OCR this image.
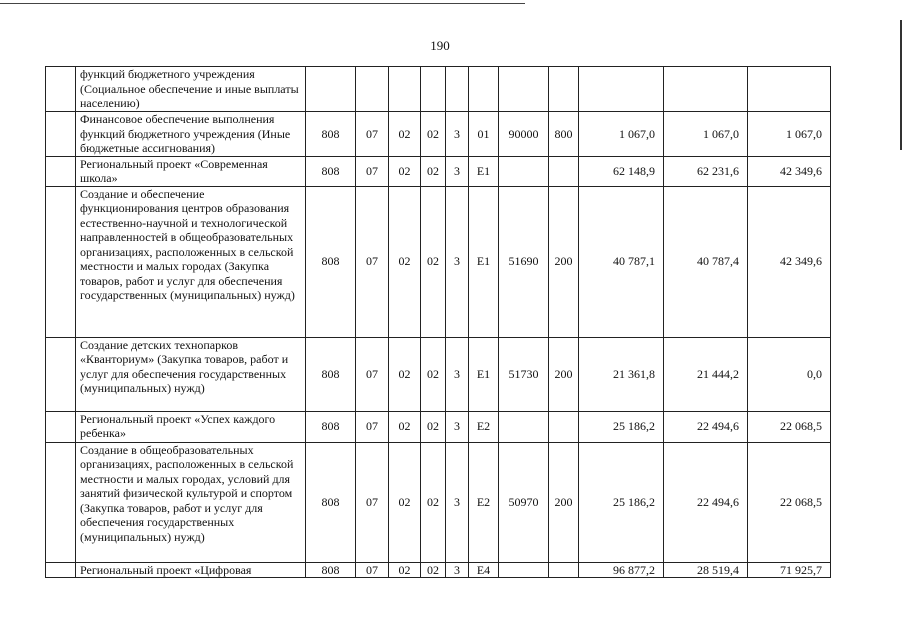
190
	функций бюджетного учреждения (Социальное обеспечение и иные выплаты населению)											
	Финансовое обеспечение выполнения функций бюджетного учреждения (Иные бюджетные ассигнования)	808	07	02	02	3	01	90000	800	1 067,0	1 067,0	1 067,0
	Региональный проект «Современная школа»	808	07	02	02	3	E1			62 148,9	62 231,6	42 349,6
	Создание и обеспечение функционирования центров образования естественно-научной и технологической направленностей в общеобразовательных организациях, расположенных в сельской местности и малых городах (Закупка товаров, работ и услуг для обеспечения государственных (муниципальных) нужд)	808	07	02	02	3	E1	51690	200	40 787,1	40 787,4	42 349,6
	Создание детских технопарков «Кванториум» (Закупка товаров, работ и услуг для обеспечения государственных (муниципальных) нужд)	808	07	02	02	3	E1	51730	200	21 361,8	21 444,2	0,0
	Региональный проект «Успех каждого ребенка»	808	07	02	02	3	E2			25 186,2	22 494,6	22 068,5
	Создание в общеобразовательных организациях, расположенных в сельской местности и малых городах, условий для занятий физической культурой и спортом (Закупка товаров, работ и услуг для обеспечения государственных (муниципальных) нужд)	808	07	02	02	3	E2	50970	200	25 186,2	22 494,6	22 068,5
	Региональный проект «Цифровая	808	07	02	02	3	E4			96 877,2	28 519,4	71 925,7
